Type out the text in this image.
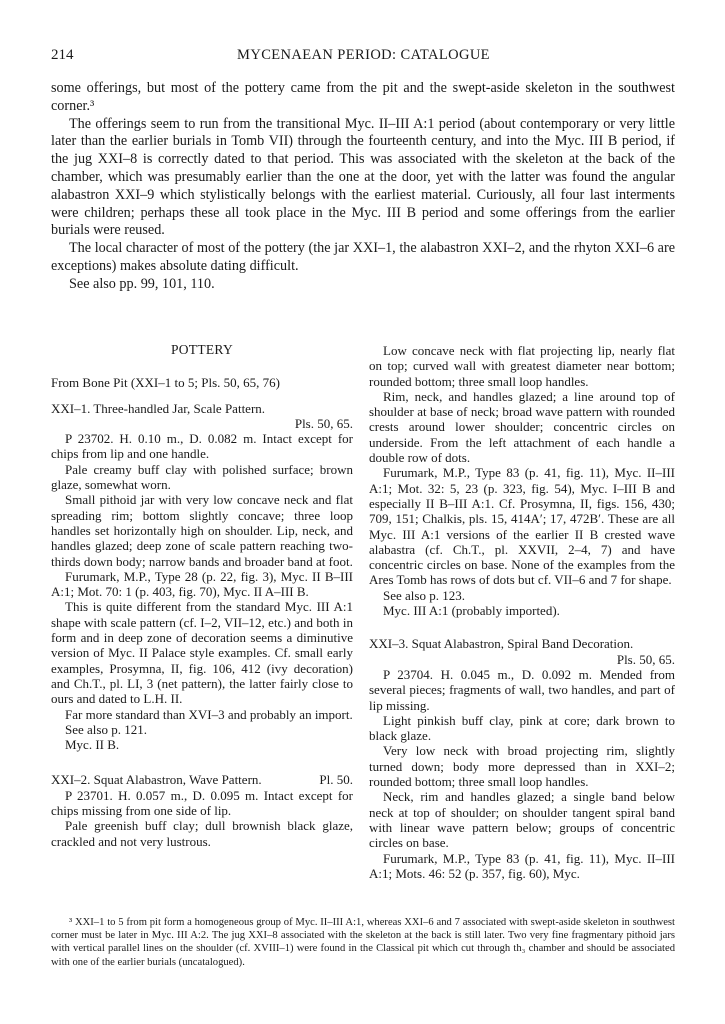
214	MYCENAEAN PERIOD: CATALOGUE

some offerings, but most of the pottery came from the pit and the swept-aside skeleton in the southwest corner.³

The offerings seem to run from the transitional Myc. II–III A:1 period (about contemporary or very little later than the earlier burials in Tomb VII) through the fourteenth century, and into the Myc. III B period, if the jug XXI–8 is correctly dated to that period. This was associated with the skeleton at the back of the chamber, which was presumably earlier than the one at the door, yet with the latter was found the angular alabastron XXI–9 which stylistically belongs with the earliest material. Curiously, all four last interments were children; perhaps these all took place in the Myc. III B period and some offerings from the earlier burials were reused.

The local character of most of the pottery (the jar XXI–1, the alabastron XXI–2, and the rhyton XXI–6 are exceptions) makes absolute dating difficult.

See also pp. 99, 101, 110.

POTTERY

From Bone Pit (XXI–1 to 5; Pls. 50, 65, 76)

XXI–1. Three-handled Jar, Scale Pattern.

Pls. 50, 65.

P 23702. H. 0.10 m., D. 0.082 m. Intact except for chips from lip and one handle.

Pale creamy buff clay with polished surface; brown glaze, somewhat worn.

Small pithoid jar with very low concave neck and flat spreading rim; bottom slightly concave; three loop handles set horizontally high on shoulder. Lip, neck, and handles glazed; deep zone of scale pattern reaching two-thirds down body; narrow bands and broader band at foot.

Furumark, M.P., Type 28 (p. 22, fig. 3), Myc. II B–III A:1; Mot. 70: 1 (p. 403, fig. 70), Myc. II A–III B.

This is quite different from the standard Myc. III A:1 shape with scale pattern (cf. I–2, VII–12, etc.) and both in form and in deep zone of decoration seems a diminutive version of Myc. II Palace style examples. Cf. small early examples, Prosymna, II, fig. 106, 412 (ivy decoration) and Ch.T., pl. LI, 3 (net pattern), the latter fairly close to ours and dated to L.H. II.

Far more standard than XVI–3 and probably an import.

See also p. 121.

Myc. II B.

XXI–2. Squat Alabastron, Wave Pattern.	Pl. 50.

P 23701. H. 0.057 m., D. 0.095 m. Intact except for chips missing from one side of lip.

Pale greenish buff clay; dull brownish black glaze, crackled and not very lustrous.

Low concave neck with flat projecting lip, nearly flat on top; curved wall with greatest diameter near bottom; rounded bottom; three small loop handles.

Rim, neck, and handles glazed; a line around top of shoulder at base of neck; broad wave pattern with rounded crests around lower shoulder; concentric circles on underside. From the left attachment of each handle a double row of dots.

Furumark, M.P., Type 83 (p. 41, fig. 11), Myc. II–III A:1; Mot. 32: 5, 23 (p. 323, fig. 54), Myc. I–III B and especially II B–III A:1. Cf. Prosymna, II, figs. 156, 430; 709, 151; Chalkis, pls. 15, 414A′; 17, 472B′. These are all Myc. III A:1 versions of the earlier II B crested wave alabastra (cf. Ch.T., pl. XXVII, 2–4, 7) and have concentric circles on base. None of the examples from the Ares Tomb has rows of dots but cf. VII–6 and 7 for shape.

See also p. 123.

Myc. III A:1 (probably imported).

XXI–3. Squat Alabastron, Spiral Band Decoration.

Pls. 50, 65.

P 23704. H. 0.045 m., D. 0.092 m. Mended from several pieces; fragments of wall, two handles, and part of lip missing.

Light pinkish buff clay, pink at core; dark brown to black glaze.

Very low neck with broad projecting rim, slightly turned down; body more depressed than in XXI–2; rounded bottom; three small loop handles.

Neck, rim and handles glazed; a single band below neck at top of shoulder; on shoulder tangent spiral band with linear wave pattern below; groups of concentric circles on base.

Furumark, M.P., Type 83 (p. 41, fig. 11), Myc. II–III A:1; Mots. 46: 52 (p. 357, fig. 60), Myc.

³ XXI–1 to 5 from pit form a homogeneous group of Myc. II–III A:1, whereas XXI–6 and 7 associated with swept-aside skeleton in southwest corner must be later in Myc. III A:2. The jug XXI–8 associated with the skeleton at the back is still later. Two very fine fragmentary pithoid jars with vertical parallel lines on the shoulder (cf. XVIII–1) were found in the Classical pit which cut through th₃ chamber and should be associated with one of the earlier burials (uncatalogued).
